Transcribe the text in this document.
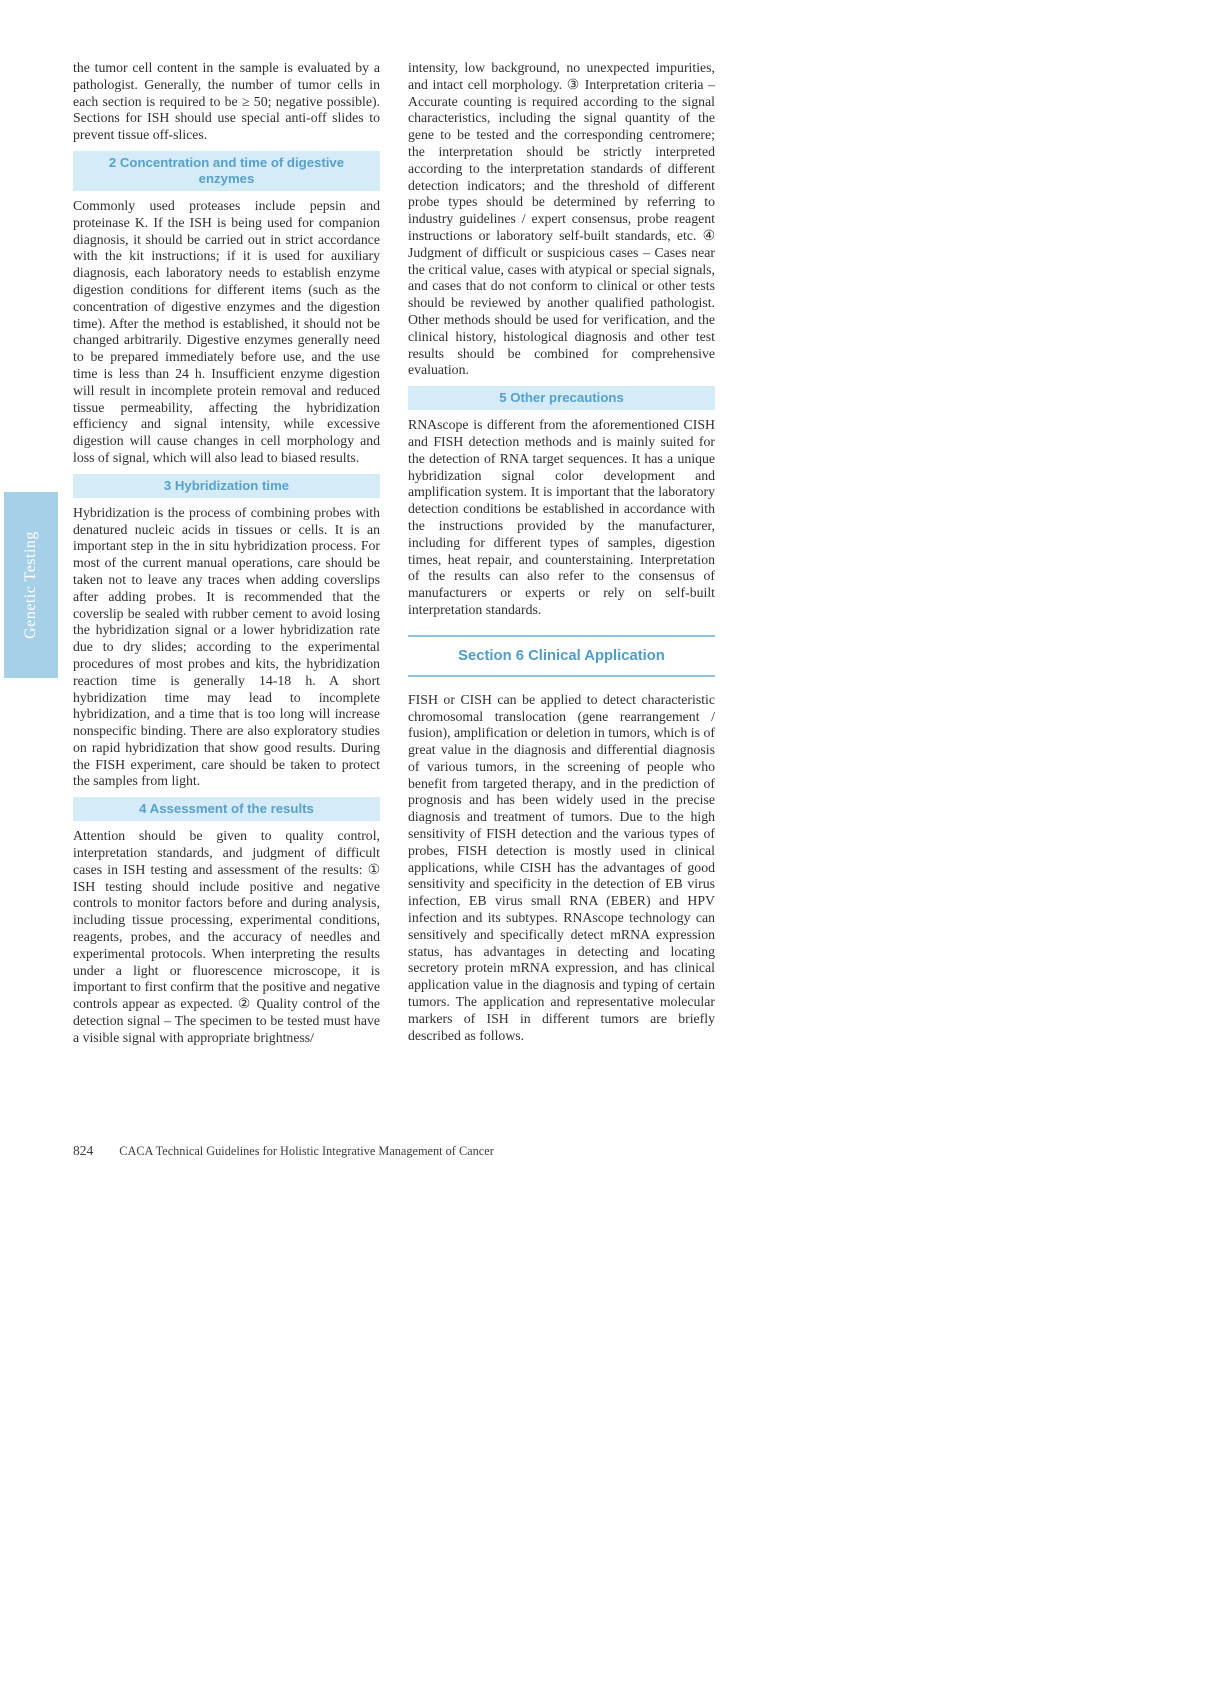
Genetic Testing

the tumor cell content in the sample is evaluated by a pathologist. Generally, the number of tumor cells in each section is required to be ≥ 50; negative possible). Sections for ISH should use special anti-off slides to prevent tissue off-slices.

2 Concentration and time of digestive enzymes

Commonly used proteases include pepsin and proteinase K. If the ISH is being used for companion diagnosis, it should be carried out in strict accordance with the kit instructions; if it is used for auxiliary diagnosis, each laboratory needs to establish enzyme digestion conditions for different items (such as the concentration of digestive enzymes and the digestion time). After the method is established, it should not be changed arbitrarily. Digestive enzymes generally need to be prepared immediately before use, and the use time is less than 24 h. Insufficient enzyme digestion will result in incomplete protein removal and reduced tissue permeability, affecting the hybridization efficiency and signal intensity, while excessive digestion will cause changes in cell morphology and loss of signal, which will also lead to biased results.

3 Hybridization time

Hybridization is the process of combining probes with denatured nucleic acids in tissues or cells. It is an important step in the in situ hybridization process. For most of the current manual operations, care should be taken not to leave any traces when adding coverslips after adding probes. It is recommended that the coverslip be sealed with rubber cement to avoid losing the hybridization signal or a lower hybridization rate due to dry slides; according to the experimental procedures of most probes and kits, the hybridization reaction time is generally 14-18 h. A short hybridization time may lead to incomplete hybridization, and a time that is too long will increase nonspecific binding. There are also exploratory studies on rapid hybridization that show good results. During the FISH experiment, care should be taken to protect the samples from light.

4 Assessment of the results

Attention should be given to quality control, interpretation standards, and judgment of difficult cases in ISH testing and assessment of the results: ① ISH testing should include positive and negative controls to monitor factors before and during analysis, including tissue processing, experimental conditions, reagents, probes, and the accuracy of needles and experimental protocols. When interpreting the results under a light or fluorescence microscope, it is important to first confirm that the positive and negative controls appear as expected. ② Quality control of the detection signal – The specimen to be tested must have a visible signal with appropriate brightness/

intensity, low background, no unexpected impurities, and intact cell morphology. ③ Interpretation criteria – Accurate counting is required according to the signal characteristics, including the signal quantity of the gene to be tested and the corresponding centromere; the interpretation should be strictly interpreted according to the interpretation standards of different detection indicators; and the threshold of different probe types should be determined by referring to industry guidelines / expert consensus, probe reagent instructions or laboratory self-built standards, etc. ④ Judgment of difficult or suspicious cases – Cases near the critical value, cases with atypical or special signals, and cases that do not conform to clinical or other tests should be reviewed by another qualified pathologist. Other methods should be used for verification, and the clinical history, histological diagnosis and other test results should be combined for comprehensive evaluation.

5 Other precautions

RNAscope is different from the aforementioned CISH and FISH detection methods and is mainly suited for the detection of RNA target sequences. It has a unique hybridization signal color development and amplification system. It is important that the laboratory detection conditions be established in accordance with the instructions provided by the manufacturer, including for different types of samples, digestion times, heat repair, and counterstaining. Interpretation of the results can also refer to the consensus of manufacturers or experts or rely on self-built interpretation standards.

Section 6 Clinical Application

FISH or CISH can be applied to detect characteristic chromosomal translocation (gene rearrangement / fusion), amplification or deletion in tumors, which is of great value in the diagnosis and differential diagnosis of various tumors, in the screening of people who benefit from targeted therapy, and in the prediction of prognosis and has been widely used in the precise diagnosis and treatment of tumors. Due to the high sensitivity of FISH detection and the various types of probes, FISH detection is mostly used in clinical applications, while CISH has the advantages of good sensitivity and specificity in the detection of EB virus infection, EB virus small RNA (EBER) and HPV infection and its subtypes. RNAscope technology can sensitively and specifically detect mRNA expression status, has advantages in detecting and locating secretory protein mRNA expression, and has clinical application value in the diagnosis and typing of certain tumors. The application and representative molecular markers of ISH in different tumors are briefly described as follows.

824 CACA Technical Guidelines for Holistic Integrative Management of Cancer
